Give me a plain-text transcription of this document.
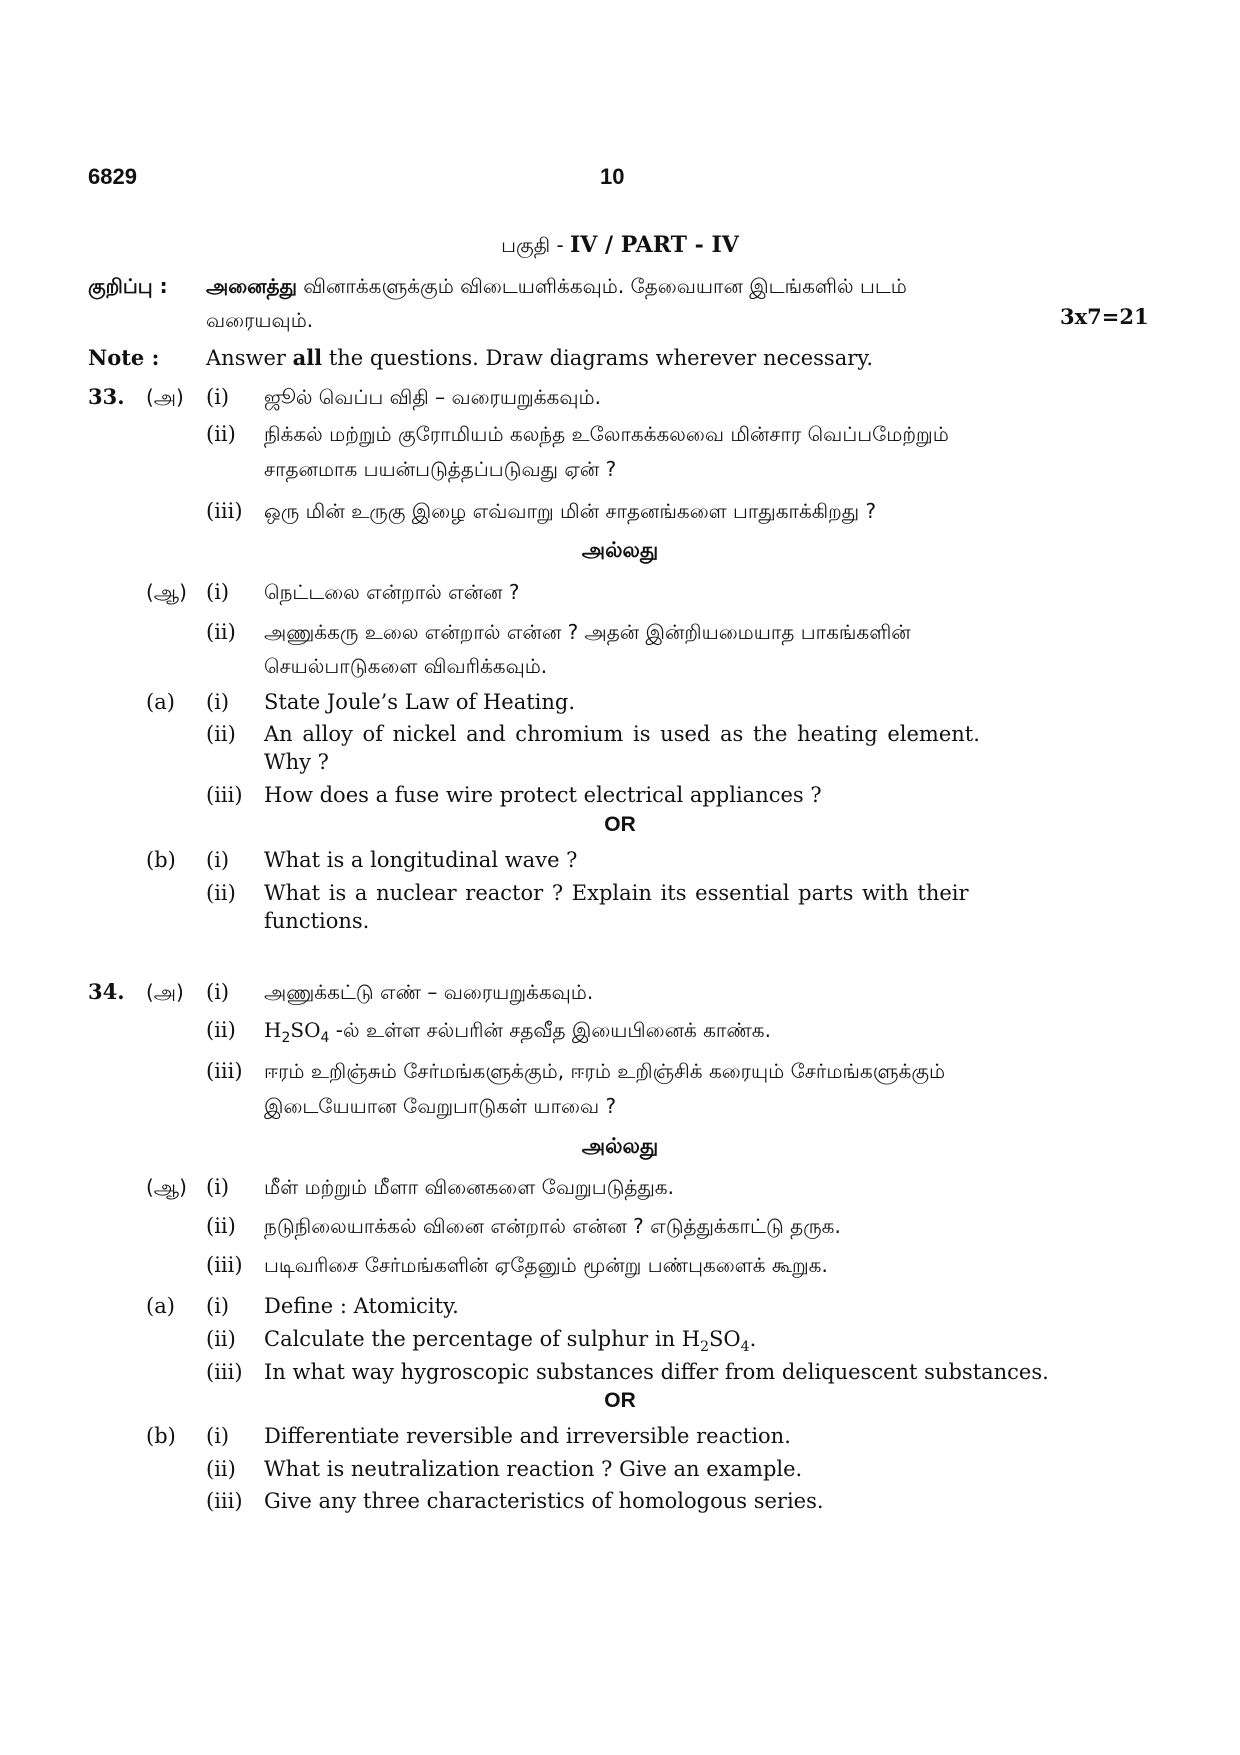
6829	10
பகுதி - IV / PART - IV
குறிப்பு : அனைத்து வினாக்களுக்கும் விடையளிக்கவும். தேவையான இடங்களில் படம்
வரையவும்.	3x7=21
Note : Answer all the questions. Draw diagrams wherever necessary.
33. (அ) (i) ஜூல் வெப்ப விதி – வரையறுக்கவும்.
(ii) நிக்கல் மற்றும் குரோமியம் கலந்த உலோகக்கலவை மின்சார வெப்பமேற்றும்
சாதனமாக பயன்படுத்தப்படுவது ஏன் ?
(iii) ஒரு மின் உருகு இழை எவ்வாறு மின் சாதனங்களை பாதுகாக்கிறது ?
அல்லது
(ஆ) (i) நெட்டலை என்றால் என்ன ?
(ii) அணுக்கரு உலை என்றால் என்ன ? அதன் இன்றியமையாத பாகங்களின்
செயல்பாடுகளை விவரிக்கவும்.
(a) (i) State Joule’s Law of Heating.
(ii) An alloy of nickel and chromium is used as the heating element.
Why ?
(iii) How does a fuse wire protect electrical appliances ?
OR
(b) (i) What is a longitudinal wave ?
(ii) What is a nuclear reactor ? Explain its essential parts with their
functions.
34. (அ) (i) அணுக்கட்டு எண் – வரையறுக்கவும்.
(ii) $H_2SO_4$ -ல் உள்ள சல்பரின் சதவீத இயைபினைக் காண்க.
(iii) ஈரம் உறிஞ்சும் சேர்மங்களுக்கும், ஈரம் உறிஞ்சிக் கரையும் சேர்மங்களுக்கும்
இடையேயான வேறுபாடுகள் யாவை ?
அல்லது
(ஆ) (i) மீள் மற்றும் மீளா வினைகளை வேறுபடுத்துக.
(ii) நடுநிலையாக்கல் வினை என்றால் என்ன ? எடுத்துக்காட்டு தருக.
(iii) படிவரிசை சேர்மங்களின் ஏதேனும் மூன்று பண்புகளைக் கூறுக.
(a) (i) Define : Atomicity.
(ii) Calculate the percentage of sulphur in $H_2SO_4$.
(iii) In what way hygroscopic substances differ from deliquescent substances.
OR
(b) (i) Differentiate reversible and irreversible reaction.
(ii) What is neutralization reaction ? Give an example.
(iii) Give any three characteristics of homologous series.
